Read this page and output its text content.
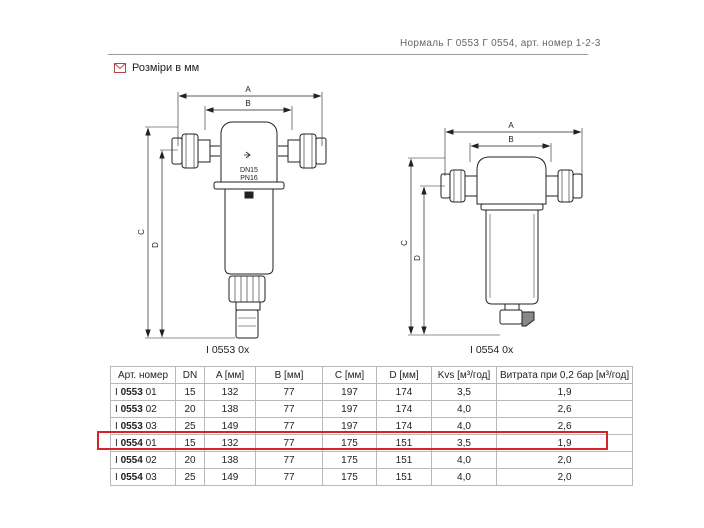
Нормаль Г 0553 Г 0554, арт. номер 1-2-3
Розміри в мм
A
B
C
D
DN15
PN16
A
B
C
D
I 0553 0x	I 0554 0x
Арт. номер	DN	A [мм]	B [мм]	C [мм]	D [мм]	Kvs [м³/год]	Витрата при 0,2 бар [м³/год]
I 0553 01	15	132	77	197	174	3,5	1,9
I 0553 02	20	138	77	197	174	4,0	2,6
I 0553 03	25	149	77	197	174	4,0	2,6
I 0554 01	15	132	77	175	151	3,5	1,9
I 0554 02	20	138	77	175	151	4,0	2,0
I 0554 03	25	149	77	175	151	4,0	2,0
